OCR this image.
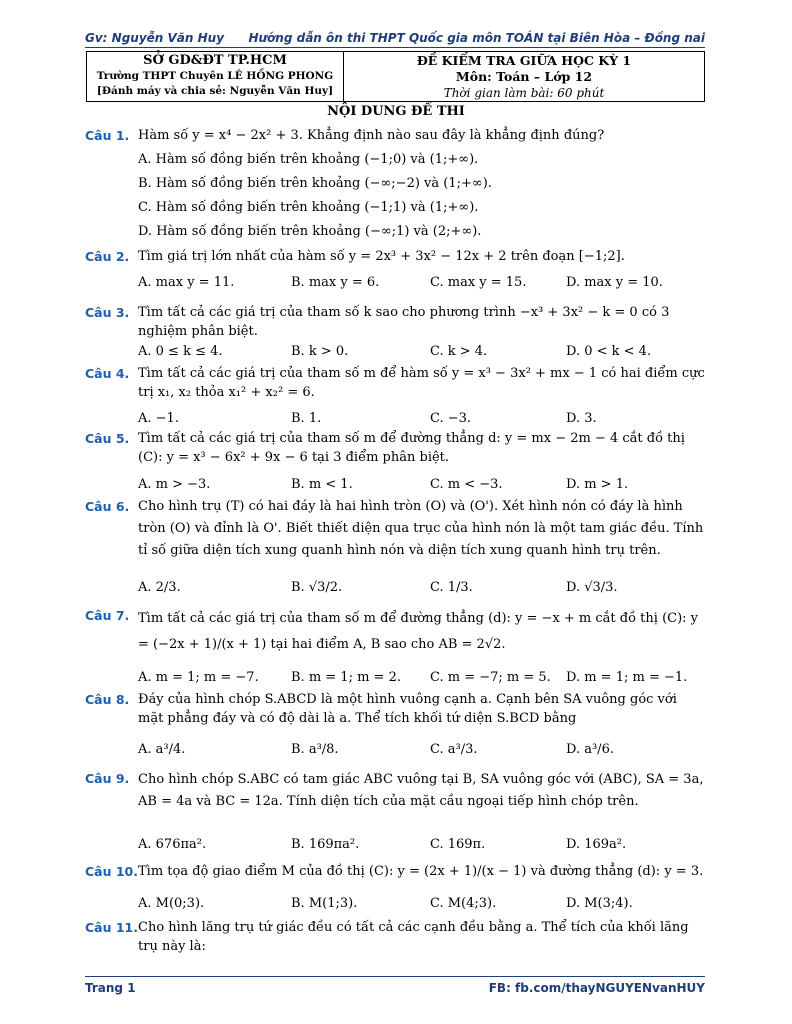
Gv: Nguyễn Văn Huy Hướng dẫn ôn thi THPT Quốc gia môn TOÁN tại Biên Hòa – Đồng nai
SỞ GD&ĐT TP.HCM
Trường THPT Chuyên LÊ HỒNG PHONG
[Đánh máy và chia sẻ: Nguyễn Văn Huy]
ĐỀ KIỂM TRA GIỮA HỌC KỲ 1
Môn: Toán – Lớp 12
Thời gian làm bài: 60 phút
NỘI DUNG ĐỀ THI
Câu 1. Hàm số y = x⁴ − 2x² + 3. Khẳng định nào sau đây là khẳng định đúng?
A. Hàm số đồng biến trên khoảng (−1;0) và (1;+∞).
B. Hàm số đồng biến trên khoảng (−∞;−2) và (1;+∞).
C. Hàm số đồng biến trên khoảng (−1;1) và (1;+∞).
D. Hàm số đồng biến trên khoảng (−∞;1) và (2;+∞).
Câu 2. Tìm giá trị lớn nhất của hàm số y = 2x³ + 3x² − 12x + 2 trên đoạn [−1;2].
A. max y = 11.	B. max y = 6.	C. max y = 15.	D. max y = 10.
Câu 3. Tìm tất cả các giá trị của tham số k sao cho phương trình −x³ + 3x² − k = 0 có 3 nghiệm phân biệt.
A. 0 ≤ k ≤ 4.	B. k > 0.	C. k > 4.	D. 0 < k < 4.
Câu 4. Tìm tất cả các giá trị của tham số m để hàm số y = x³ − 3x² + mx − 1 có hai điểm cực trị x₁, x₂ thỏa x₁² + x₂² = 6.
A. −1.	B. 1.	C. −3.	D. 3.
Câu 5. Tìm tất cả các giá trị của tham số m để đường thẳng d: y = mx − 2m − 4 cắt đồ thị (C): y = x³ − 6x² + 9x − 6 tại 3 điểm phân biệt.
A. m > −3.	B. m < 1.	C. m < −3.	D. m > 1.
Câu 6. Cho hình trụ (T) có hai đáy là hai hình tròn (O) và (O'). Xét hình nón có đáy là hình tròn (O) và đỉnh là O'. Biết thiết diện qua trục của hình nón là một tam giác đều. Tính tỉ số giữa diện tích xung quanh hình nón và diện tích xung quanh hình trụ trên.
A. 2/3.	B. √3/2.	C. 1/3.	D. √3/3.
Câu 7. Tìm tất cả các giá trị của tham số m để đường thẳng (d): y = −x + m cắt đồ thị (C): y = (−2x + 1)/(x + 1) tại hai điểm A, B sao cho AB = 2√2.
A. m = 1; m = −7. B. m = 1; m = 2. C. m = −7; m = 5. D. m = 1; m = −1.
Câu 8. Đáy của hình chóp S.ABCD là một hình vuông cạnh a. Cạnh bên SA vuông góc với mặt phẳng đáy và có độ dài là a. Thể tích khối tứ diện S.BCD bằng
A. a³/4.	B. a³/8.	C. a³/3.	D. a³/6.
Câu 9. Cho hình chóp S.ABC có tam giác ABC vuông tại B, SA vuông góc với (ABC), SA = 3a, AB = 4a và BC = 12a. Tính diện tích của mặt cầu ngoại tiếp hình chóp trên.
A. 676πa².	B. 169πa².	C. 169π.	D. 169a².
Câu 10. Tìm tọa độ giao điểm M của đồ thị (C): y = (2x + 1)/(x − 1) và đường thẳng (d): y = 3.
A. M(0;3).	B. M(1;3).	C. M(4;3).	D. M(3;4).
Câu 11. Cho hình lăng trụ tứ giác đều có tất cả các cạnh đều bằng a. Thể tích của khối lăng trụ này là:
Trang 1	FB: fb.com/thayNGUYENvanHUY
